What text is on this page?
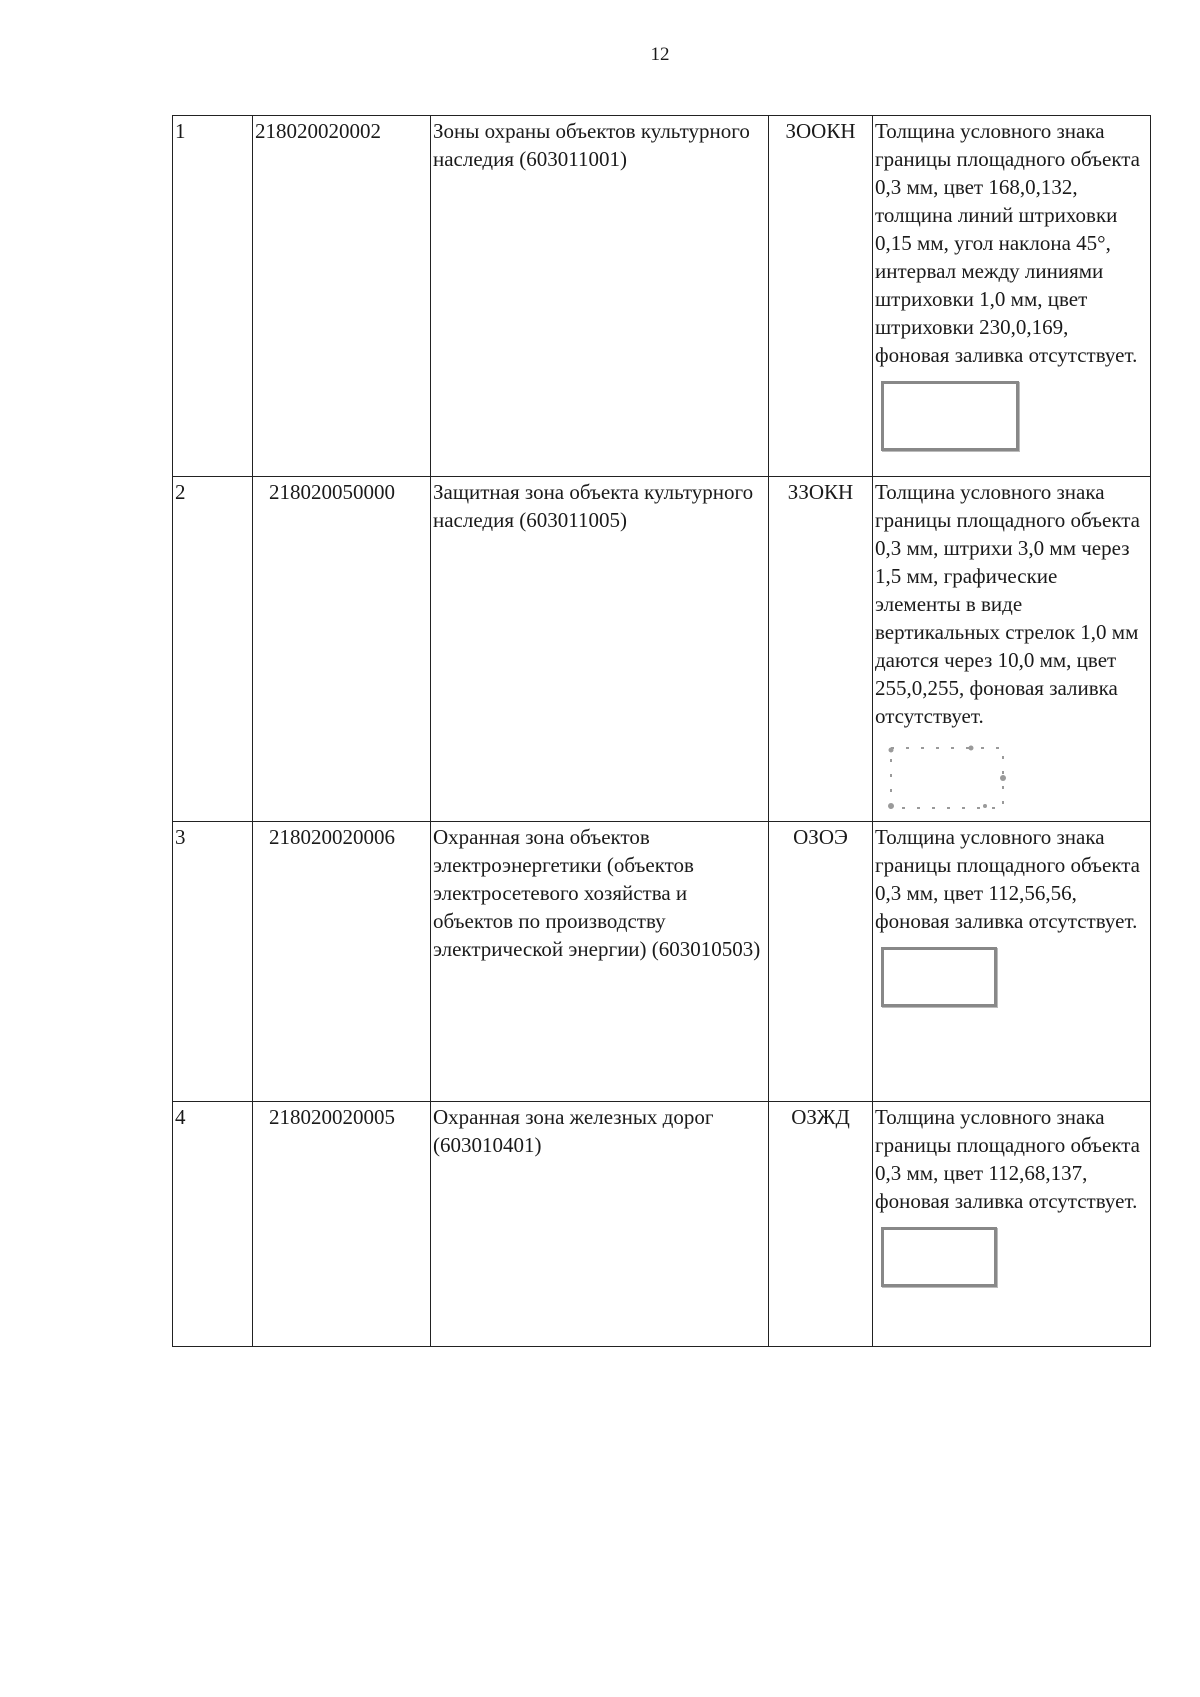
12
1	218020020002	Зоны охраны объектов культурного наследия (603011001)	ЗООКН	Толщина условного знака границы площадного объекта 0,3 мм, цвет 168,0,132, толщина линий штриховки 0,15 мм, угол наклона 45°, интервал между линиями штриховки 1,0 мм, цвет штриховки 230,0,169, фоновая заливка отсутствует.

2	218020050000	Защитная зона объекта культурного наследия (603011005)	ЗЗОКН	Толщина условного знака границы площадного объекта 0,3 мм, штрихи 3,0 мм через 1,5 мм, графические элементы в виде вертикальных стрелок 1,0 мм даются через 10,0 мм, цвет 255,0,255, фоновая заливка отсутствует.

3	218020020006	Охранная зона объектов электроэнергетики (объектов электросетевого хозяйства и объектов по производству электрической энергии) (603010503)	ОЗОЭ	Толщина условного знака границы площадного объекта 0,3 мм, цвет 112,56,56, фоновая заливка отсутствует.

4	218020020005	Охранная зона железных дорог (603010401)	ОЗЖД	Толщина условного знака границы площадного объекта 0,3 мм, цвет 112,68,137, фоновая заливка отсутствует.
